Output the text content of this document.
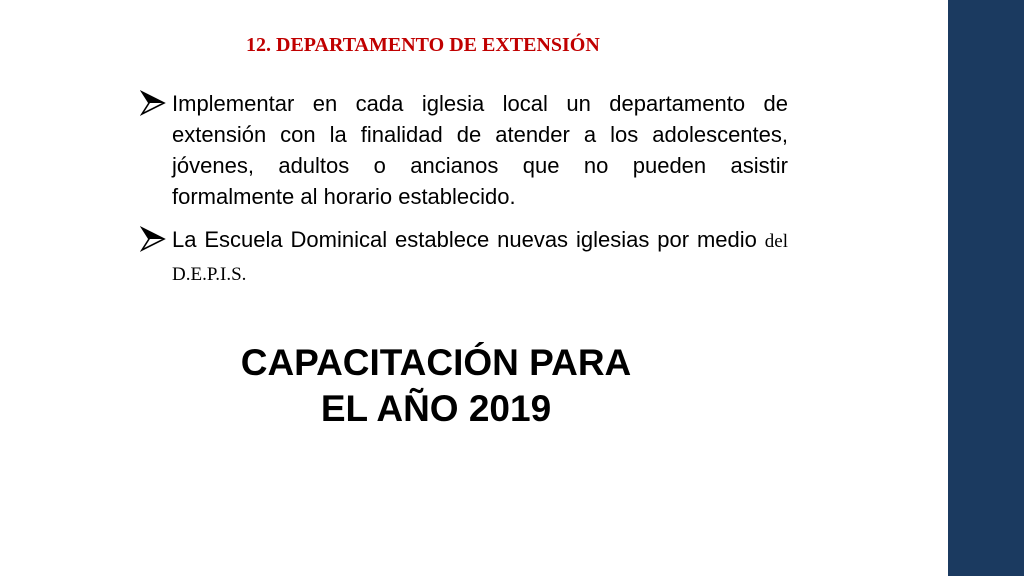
12. DEPARTAMENTO DE EXTENSIÓN
Implementar en cada iglesia local un departamento de extensión con la finalidad de atender a los adolescentes, jóvenes, adultos o ancianos que no pueden asistir formalmente al horario establecido.
La Escuela Dominical establece nuevas iglesias por medio del D.E.P.I.S.
CAPACITACIÓN PARA
EL AÑO 2019
